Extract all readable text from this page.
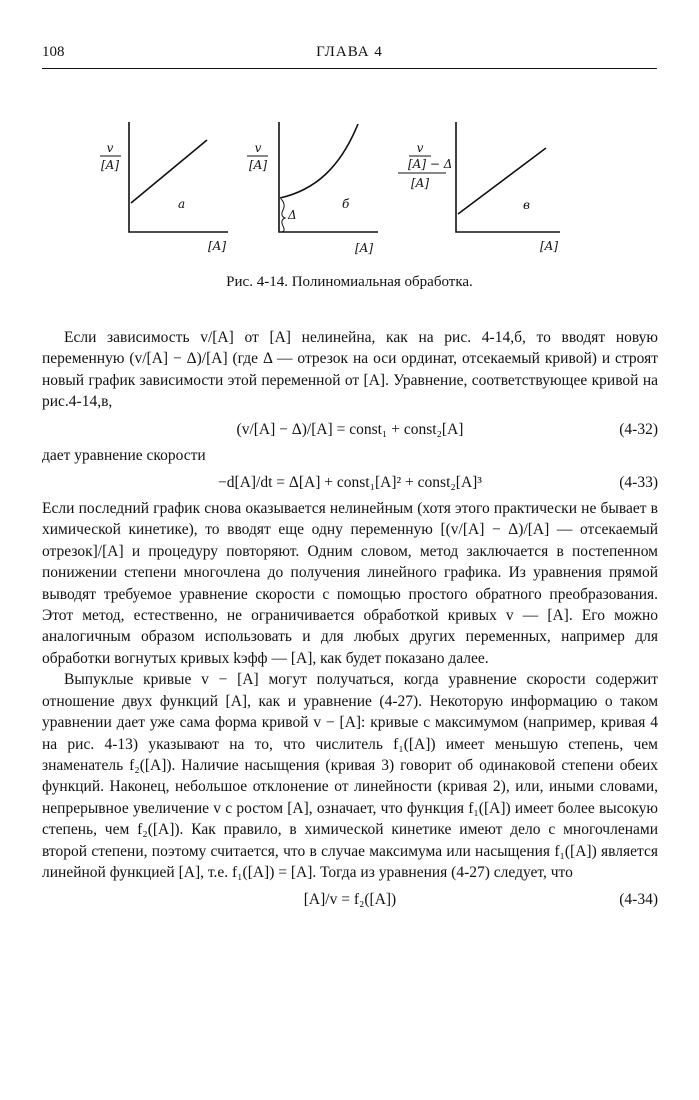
108	ГЛАВА 4
v
[A]
а
[A]
v
[A]
Δ
б
[A]
v
[A] − Δ
[A]
в
[A]
Рис. 4-14. Полиномиальная обработка.

Если зависимость v/[A] от [A] нелинейна, как на рис. 4-14,б, то вводят новую переменную (v/[A] − Δ)/[A] (где Δ — отрезок на оси ординат, отсекаемый кривой) и строят новый график зависимости этой переменной от [A]. Уравнение, соответствующее кривой на рис.4-14,в,

(v/[A] − Δ)/[A] = const₁ + const₂[A]	(4-32)

дает уравнение скорости

−d[A]/dt = Δ[A] + const₁[A]² + const₂[A]³	(4-33)

Если последний график снова оказывается нелинейным (хотя этого практически не бывает в химической кинетике), то вводят еще одну переменную [(v/[A] − Δ)/[A] — отсекаемый отрезок]/[A] и процедуру повторяют. Одним словом, метод заключается в постепенном понижении степени многочлена до получения линейного графика. Из уравнения прямой выводят требуемое уравнение скорости с помощью простого обратного преобразования. Этот метод, естественно, не ограничивается обработкой кривых v — [A]. Его можно аналогичным образом использовать и для любых других переменных, например для обработки вогнутых кривых kэфф — [A], как будет показано далее.

Выпуклые кривые v − [A] могут получаться, когда уравнение скорости содержит отношение двух функций [A], как и уравнение (4-27). Некоторую информацию о таком уравнении дает уже сама форма кривой v − [A]: кривые с максимумом (например, кривая 4 на рис. 4-13) указывают на то, что числитель f₁([A]) имеет меньшую степень, чем знаменатель f₂([A]). Наличие насыщения (кривая 3) говорит об одинаковой степени обеих функций. Наконец, небольшое отклонение от линейности (кривая 2), или, иными словами, непрерывное увеличение v с ростом [A], означает, что функция f₁([A]) имеет более высокую степень, чем f₂([A]). Как правило, в химической кинетике имеют дело с многочленами второй степени, поэтому считается, что в случае максимума или насыщения f₁([A]) является линейной функцией [A], т.е. f₁([A]) = [A]. Тогда из уравнения (4-27) следует, что

[A]/v = f₂([A])	(4-34)
